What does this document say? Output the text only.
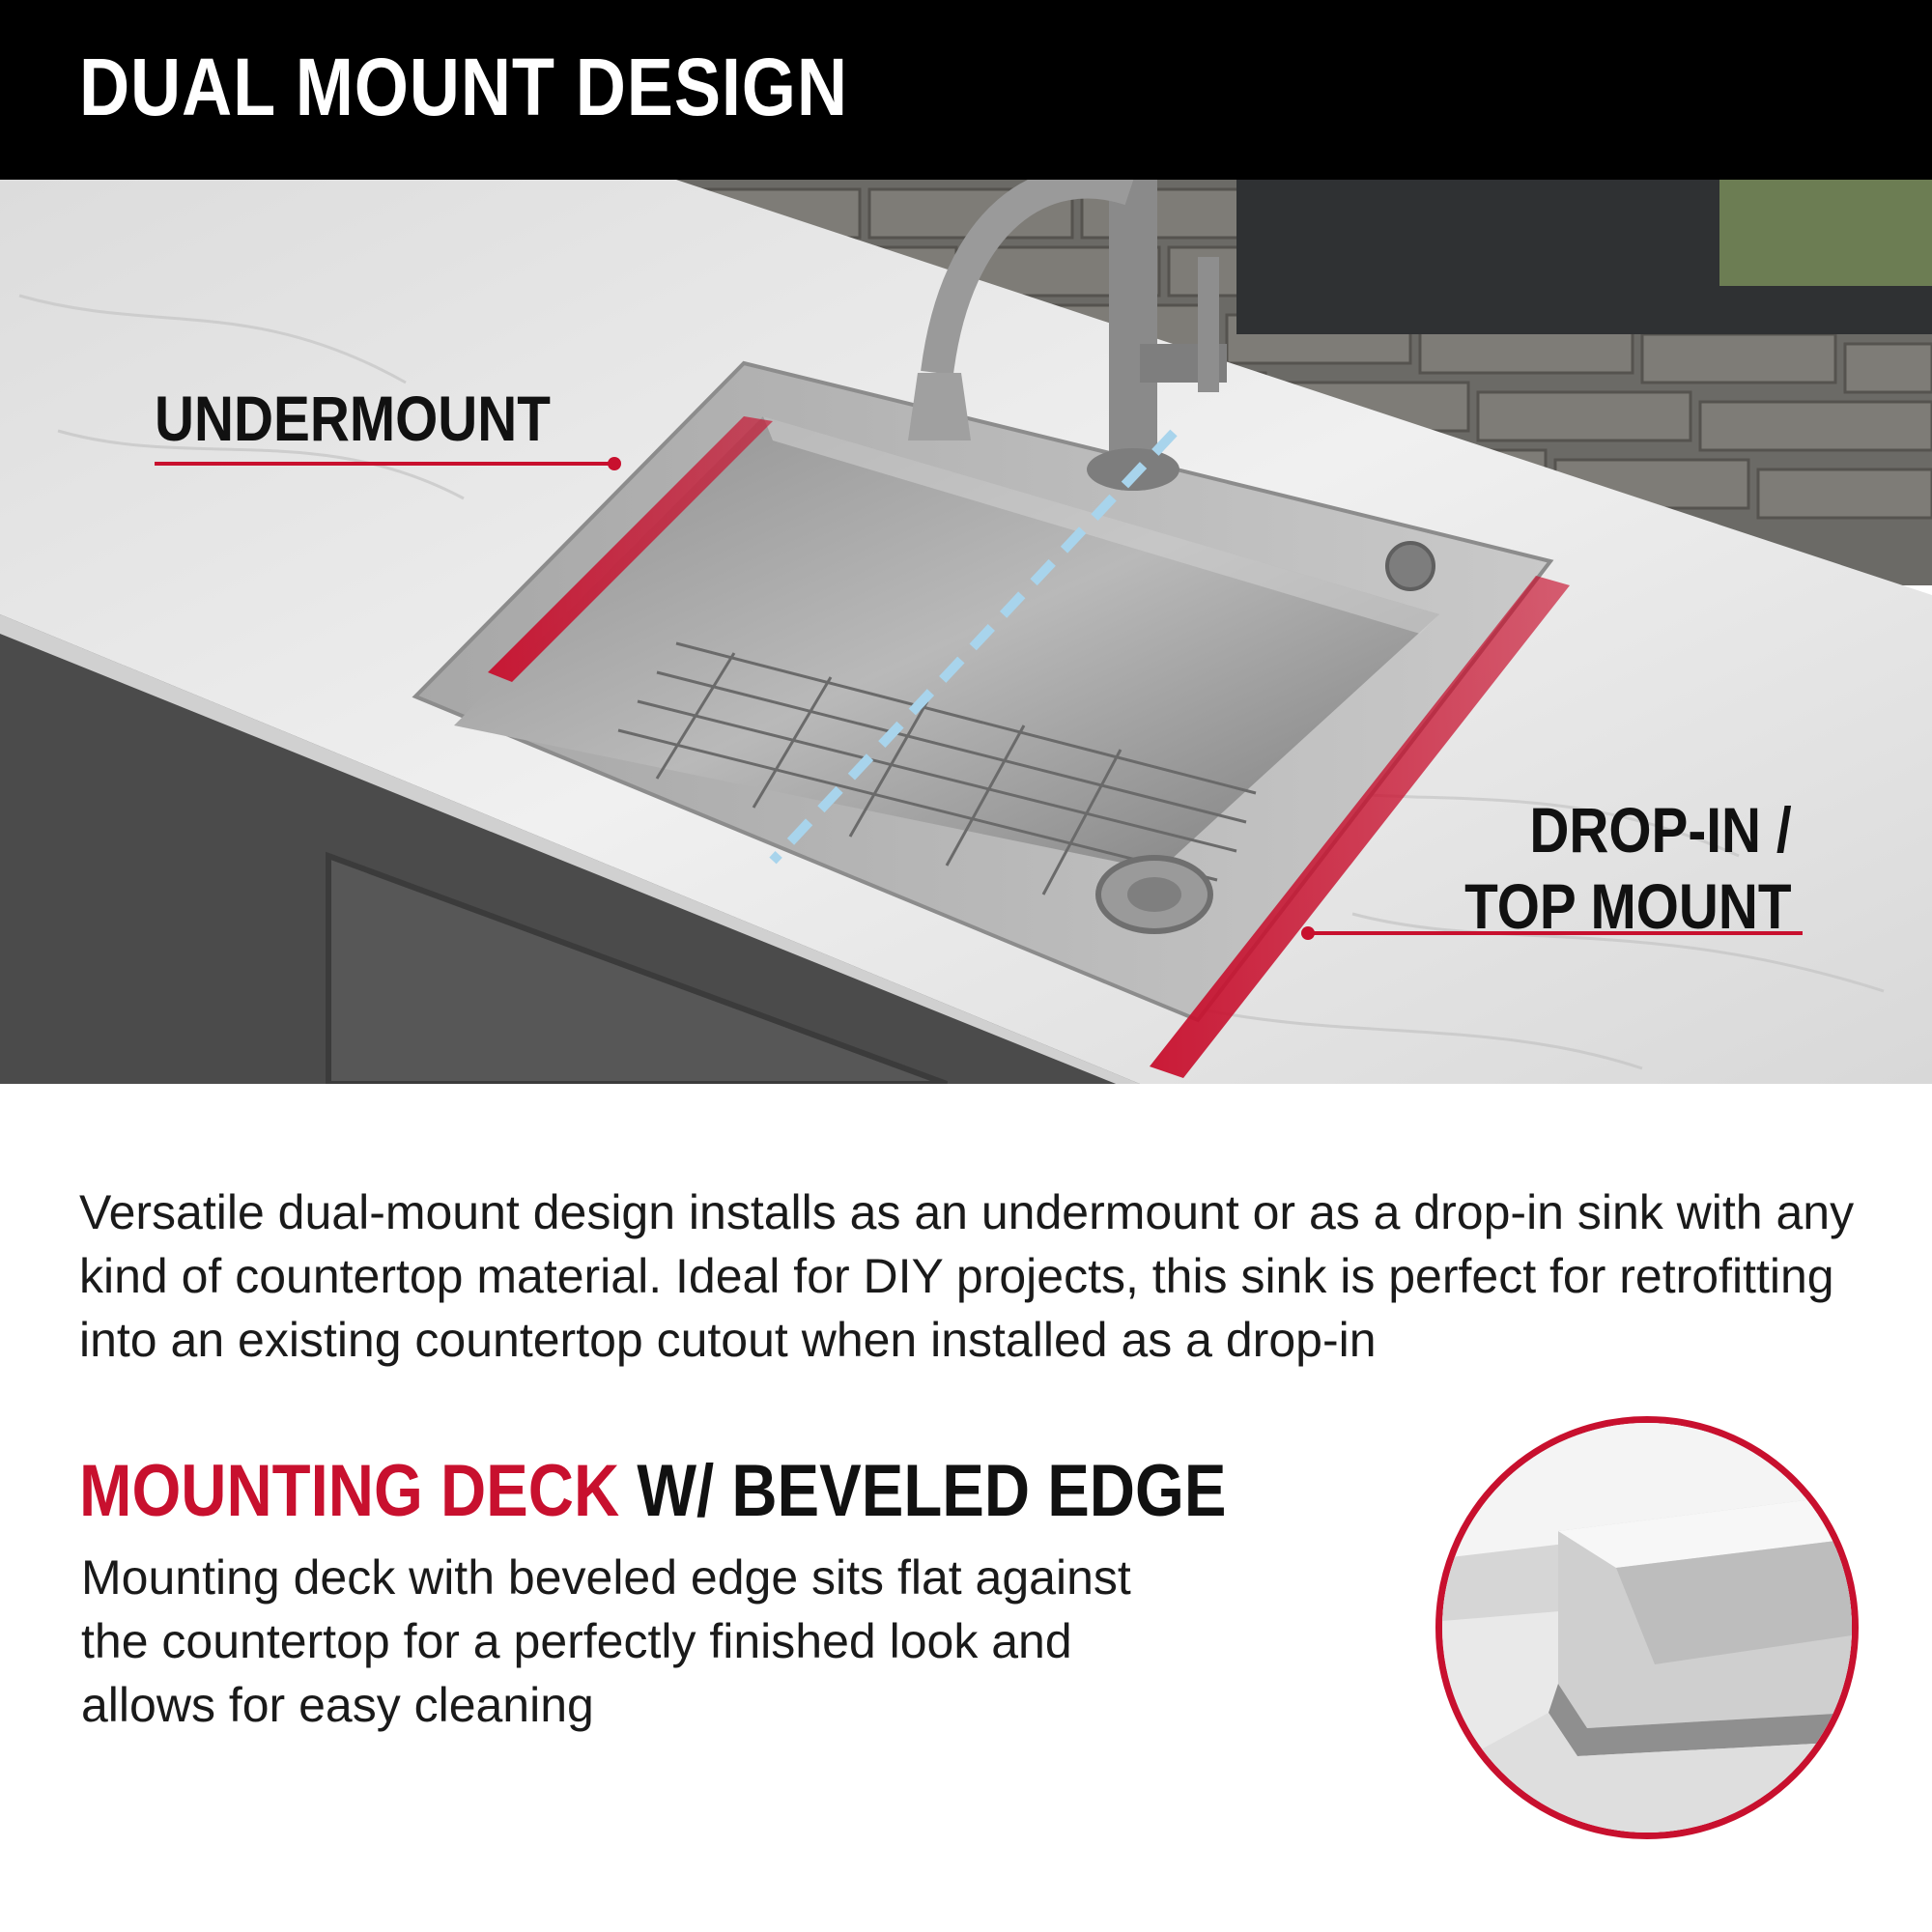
DUAL MOUNT DESIGN
UNDERMOUNT
DROP-IN /
TOP MOUNT
Versatile dual-mount design installs as an undermount or as a drop-in sink with any kind of countertop material. Ideal for DIY projects, this sink is perfect for retrofitting into an existing countertop cutout when installed as a drop-in
MOUNTING DECK W/ BEVELED EDGE
Mounting deck with beveled edge sits flat against the countertop for a perfectly finished look and allows for easy cleaning
